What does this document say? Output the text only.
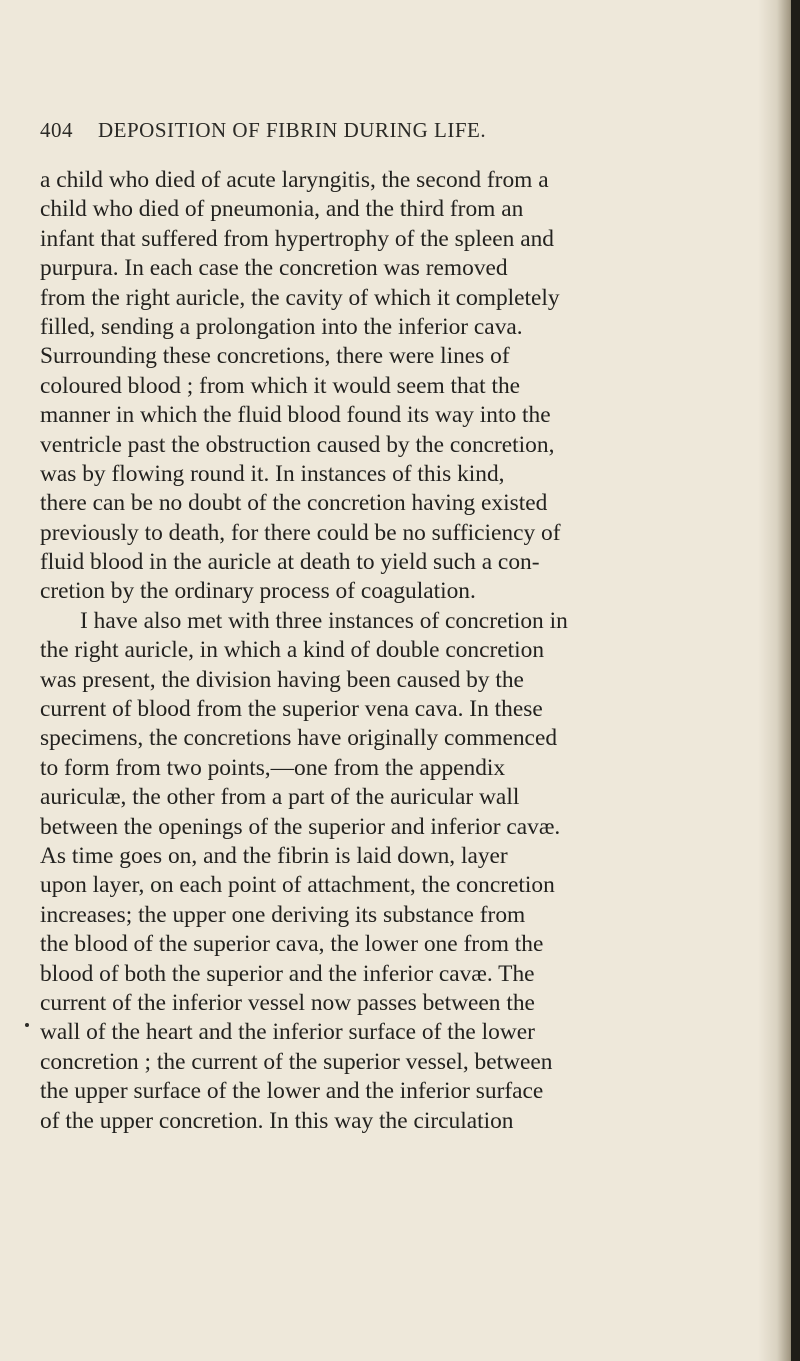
404 DEPOSITION OF FIBRIN DURING LIFE.
a child who died of acute laryngitis, the second from a
child who died of pneumonia, and the third from an
infant that suffered from hypertrophy of the spleen and
purpura. In each case the concretion was removed
from the right auricle, the cavity of which it completely
filled, sending a prolongation into the inferior cava.
Surrounding these concretions, there were lines of
coloured blood ; from which it would seem that the
manner in which the fluid blood found its way into the
ventricle past the obstruction caused by the concretion,
was by flowing round it. In instances of this kind,
there can be no doubt of the concretion having existed
previously to death, for there could be no sufficiency of
fluid blood in the auricle at death to yield such a con-
cretion by the ordinary process of coagulation.
I have also met with three instances of concretion in
the right auricle, in which a kind of double concretion
was present, the division having been caused by the
current of blood from the superior vena cava. In these
specimens, the concretions have originally commenced
to form from two points,—one from the appendix
auriculæ, the other from a part of the auricular wall
between the openings of the superior and inferior cavæ.
As time goes on, and the fibrin is laid down, layer
upon layer, on each point of attachment, the concretion
increases; the upper one deriving its substance from
the blood of the superior cava, the lower one from the
blood of both the superior and the inferior cavæ. The
current of the inferior vessel now passes between the
wall of the heart and the inferior surface of the lower
concretion ; the current of the superior vessel, between
the upper surface of the lower and the inferior surface
of the upper concretion. In this way the circulation
